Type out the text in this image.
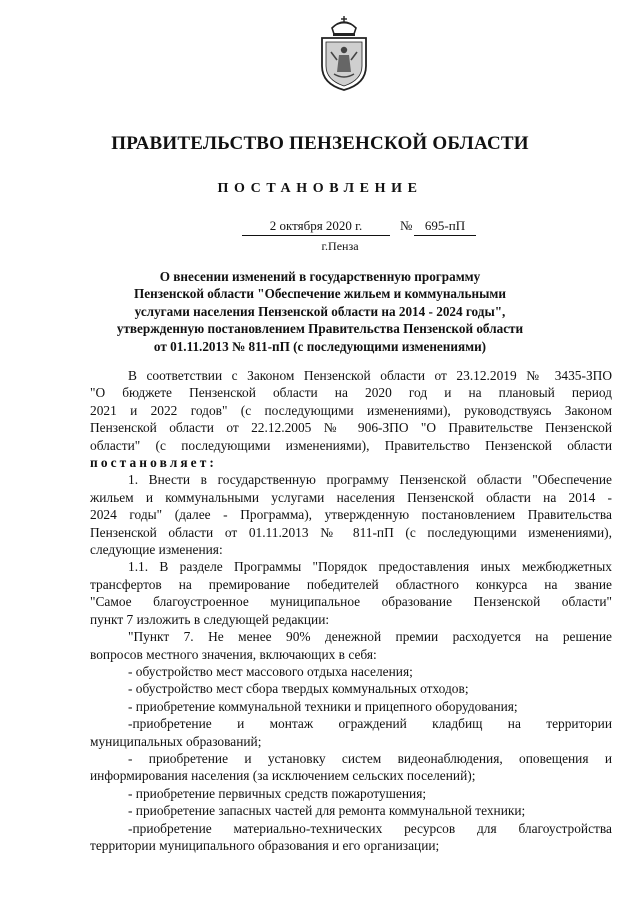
ПРАВИТЕЛЬСТВО ПЕНЗЕНСКОЙ ОБЛАСТИ
ПОСТАНОВЛЕНИЕ
2 октября 2020 г.	№ 695-пП
г.Пенза
О внесении изменений в государственную программу
Пензенской области "Обеспечение жильем и коммунальными
услугами населения Пензенской области на 2014 - 2024 годы",
утвержденную постановлением Правительства Пензенской области
от 01.11.2013 № 811-пП (с последующими изменениями)
В соответствии с Законом Пензенской области от 23.12.2019 № 3435-ЗПО
"О бюджете Пензенской области на 2020 год и на плановый период
2021 и 2022 годов" (с последующими изменениями), руководствуясь Законом
Пензенской области от 22.12.2005 № 906-ЗПО "О Правительстве Пензенской
области" (с последующими изменениями), Правительство Пензенской области
постановляет:
1. Внести в государственную программу Пензенской области "Обеспечение
жильем и коммунальными услугами населения Пензенской области на 2014 -
2024 годы" (далее - Программа), утвержденную постановлением Правительства
Пензенской области от 01.11.2013 № 811-пП (с последующими изменениями),
следующие изменения:
1.1. В разделе Программы "Порядок предоставления иных межбюджетных
трансфертов на премирование победителей областного конкурса на звание
"Самое благоустроенное муниципальное образование Пензенской области"
пункт 7 изложить в следующей редакции:
"Пункт 7. Не менее 90% денежной премии расходуется на решение
вопросов местного значения, включающих в себя:
- обустройство мест массового отдыха населения;
- обустройство мест сбора твердых коммунальных отходов;
- приобретение коммунальной техники и прицепного оборудования;
-приобретение и монтаж ограждений кладбищ на территории
муниципальных образований;
- приобретение и установку систем видеонаблюдения, оповещения и
информирования населения (за исключением сельских поселений);
- приобретение первичных средств пожаротушения;
- приобретение запасных частей для ремонта коммунальной техники;
-приобретение материально-технических ресурсов для благоустройства
территории муниципального образования и его организации;
